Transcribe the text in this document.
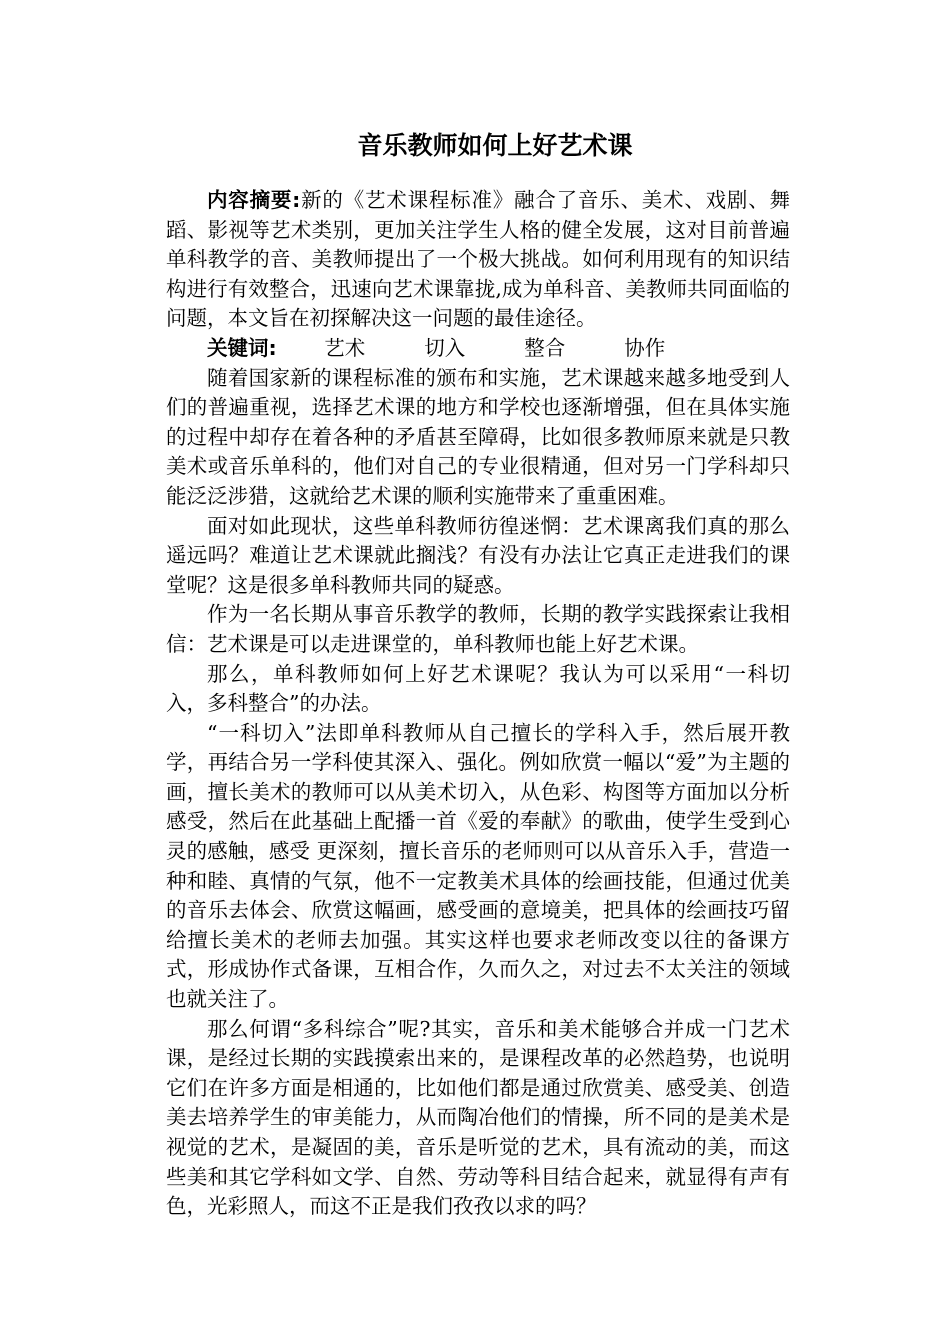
音乐教师如何上好艺术课

内容摘要:新的《艺术课程标准》融合了音乐、美术、戏剧、舞蹈、影视等艺术类别，更加关注学生人格的健全发展，这对目前普遍单科教学的音、美教师提出了一个极大挑战。如何利用现有的知识结构进行有效整合，迅速向艺术课靠拢,成为单科音、美教师共同面临的问题，本文旨在初探解决这一问题的最佳途径。

关键词: 艺术	切入	整合	协作

随着国家新的课程标准的颁布和实施，艺术课越来越多地受到人们的普遍重视，选择艺术课的地方和学校也逐渐增强，但在具体实施的过程中却存在着各种的矛盾甚至障碍，比如很多教师原来就是只教美术或音乐单科的，他们对自己的专业很精通，但对另一门学科却只能泛泛涉猎，这就给艺术课的顺利实施带来了重重困难。

面对如此现状，这些单科教师彷徨迷惘：艺术课离我们真的那么遥远吗？难道让艺术课就此搁浅？有没有办法让它真正走进我们的课堂呢？这是很多单科教师共同的疑惑。

作为一名长期从事音乐教学的教师，长期的教学实践探索让我相信：艺术课是可以走进课堂的，单科教师也能上好艺术课。

那么，单科教师如何上好艺术课呢？我认为可以采用“一科切入，多科整合”的办法。

“一科切入”法即单科教师从自己擅长的学科入手，然后展开教学，再结合另一学科使其深入、强化。例如欣赏一幅以“爱”为主题的画，擅长美术的教师可以从美术切入，从色彩、构图等方面加以分析感受，然后在此基础上配播一首《爱的奉献》的歌曲，使学生受到心灵的感触，感受 更深刻，擅长音乐的老师则可以从音乐入手，营造一种和睦、真情的气氛，他不一定教美术具体的绘画技能，但通过优美的音乐去体会、欣赏这幅画，感受画的意境美，把具体的绘画技巧留给擅长美术的老师去加强。其实这样也要求老师改变以往的备课方式，形成协作式备课，互相合作，久而久之，对过去不太关注的领域也就关注了。

那么何谓“多科综合”呢?其实，音乐和美术能够合并成一门艺术课，是经过长期的实践摸索出来的，是课程改革的必然趋势，也说明它们在许多方面是相通的，比如他们都是通过欣赏美、感受美、创造美去培养学生的审美能力，从而陶冶他们的情操，所不同的是美术是视觉的艺术，是凝固的美，音乐是听觉的艺术，具有流动的美，而这些美和其它学科如文学、自然、劳动等科目结合起来，就显得有声有色，光彩照人，而这不正是我们孜孜以求的吗？
